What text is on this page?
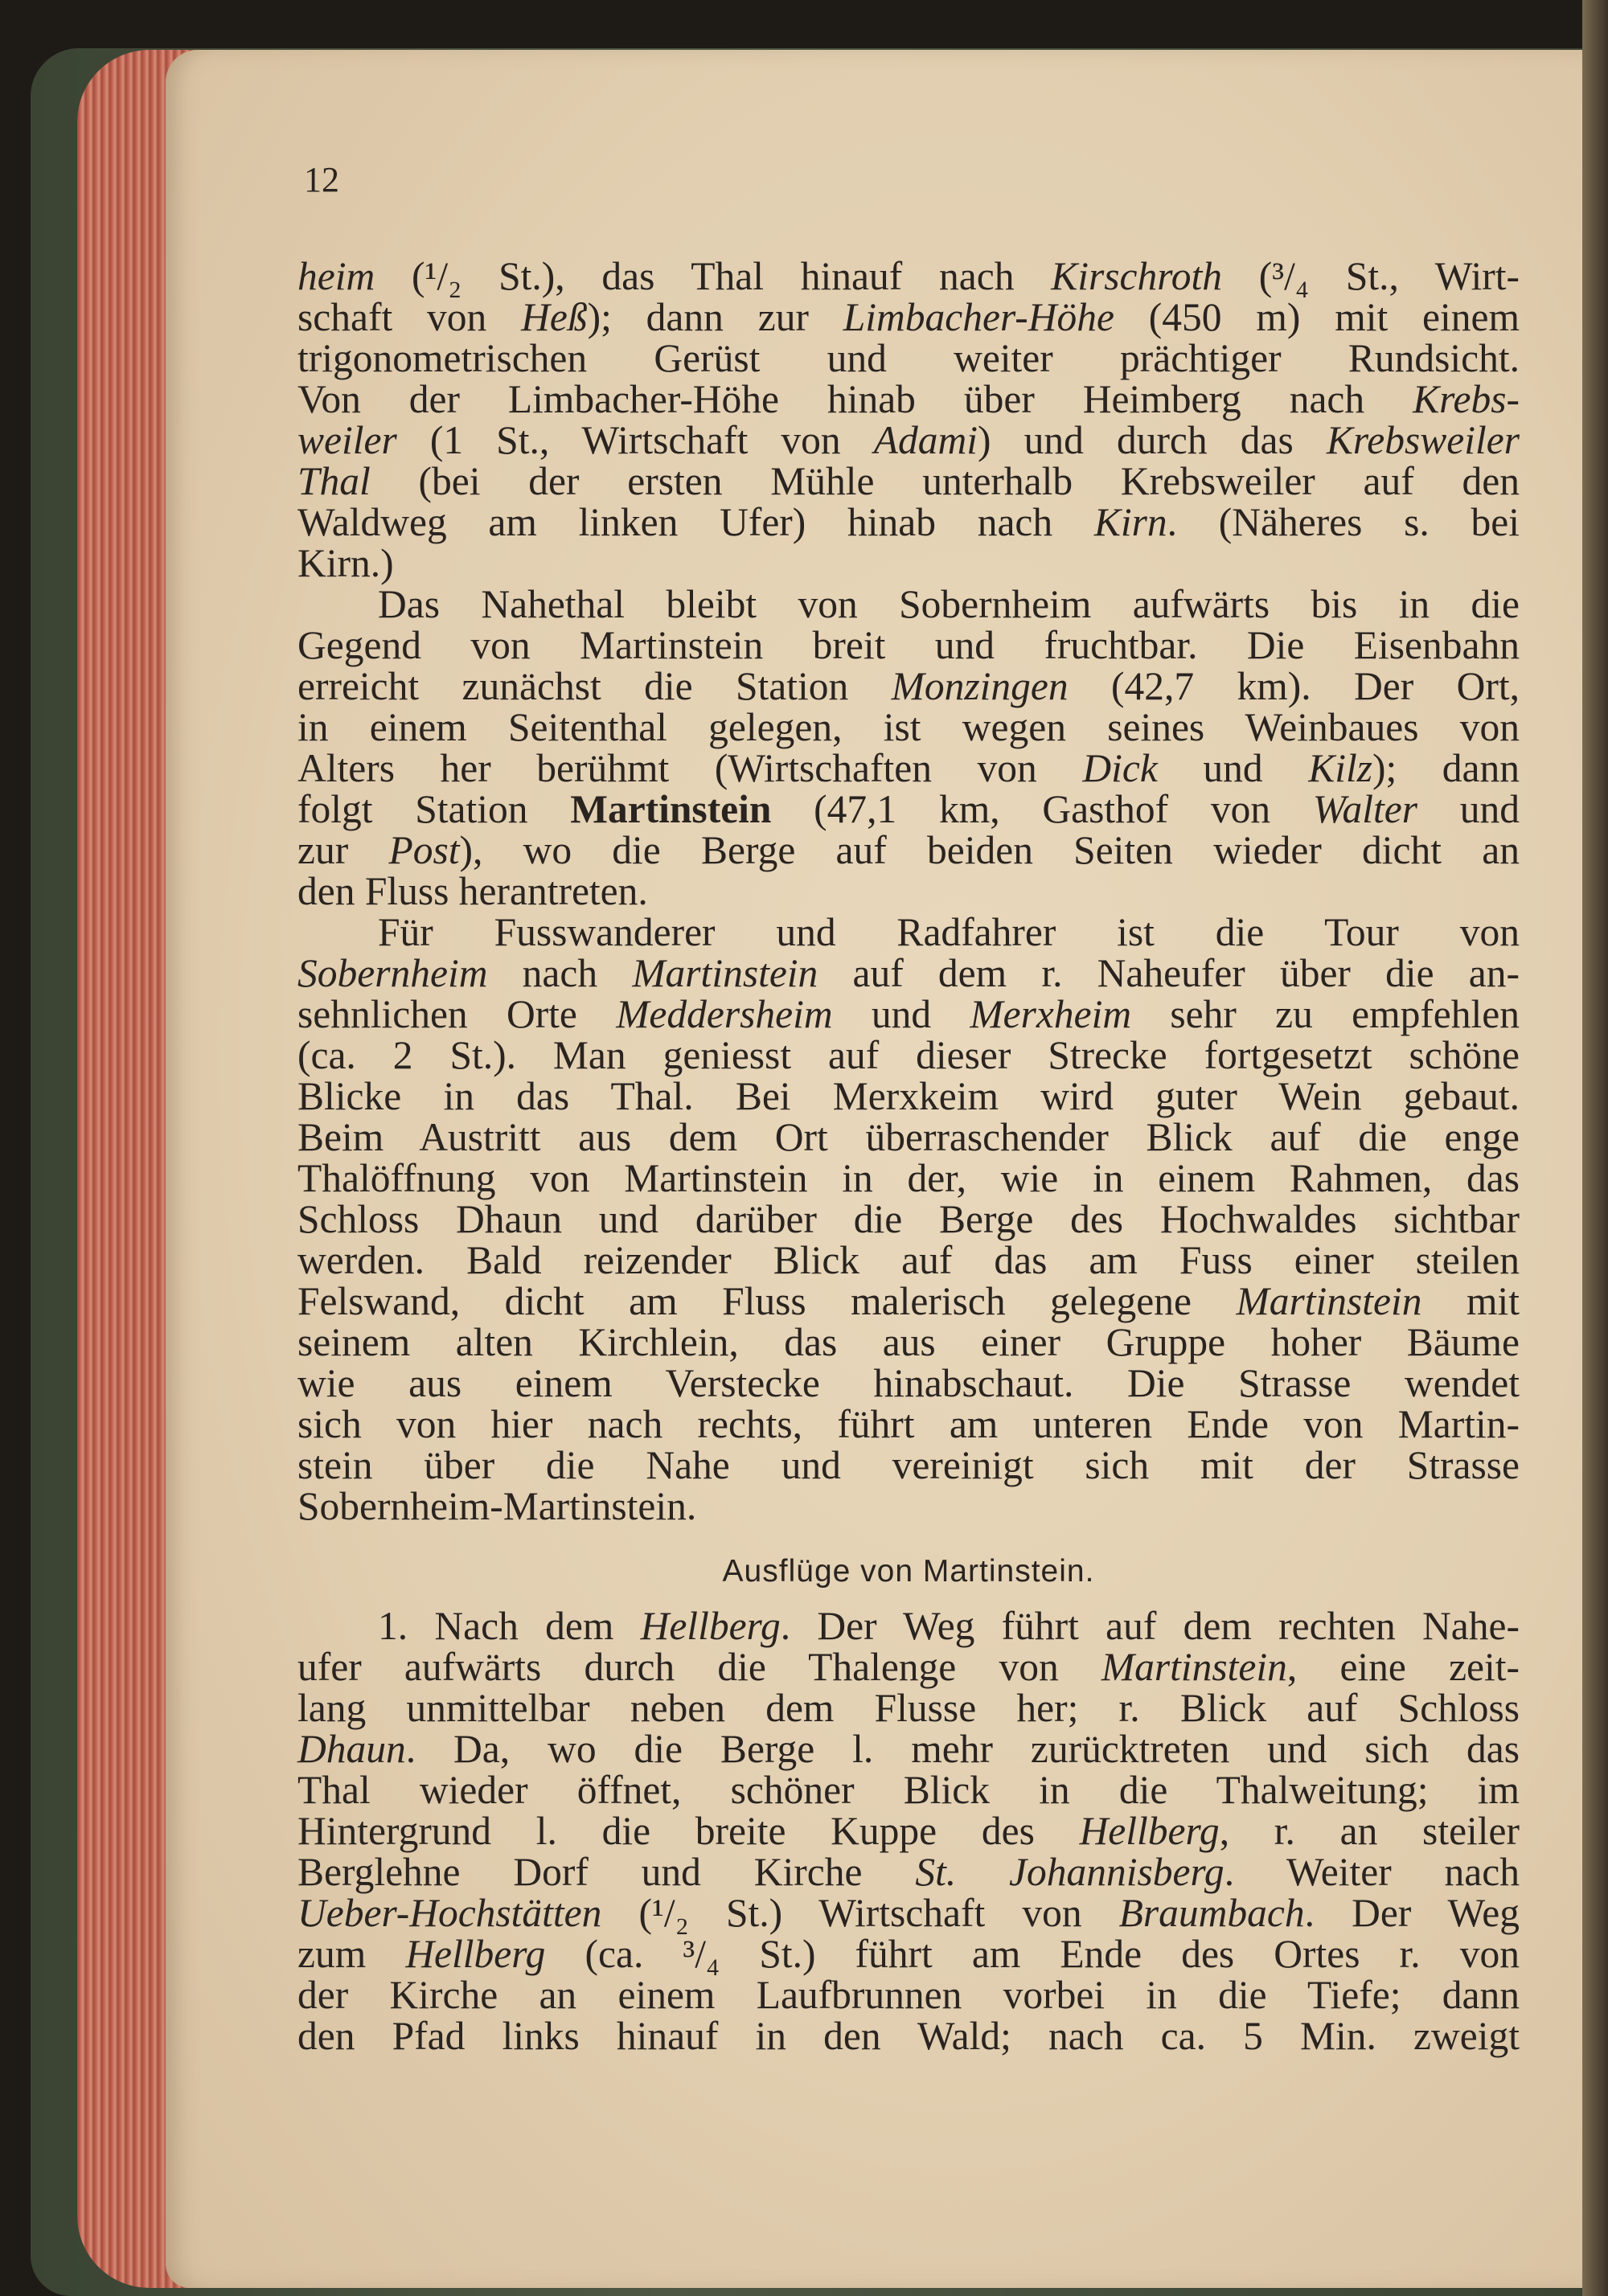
12
heim (¹/₂ St.), das Thal hinauf nach Kirschroth (³/₄ St., Wirt-
schaft von Heß); dann zur Limbacher-Höhe (450 m) mit einem
trigonometrischen Gerüst und weiter prächtiger Rundsicht.
Von der Limbacher-Höhe hinab über Heimberg nach Krebs-
weiler (1 St., Wirtschaft von Adami) und durch das Krebsweiler
Thal (bei der ersten Mühle unterhalb Krebsweiler auf den
Waldweg am linken Ufer) hinab nach Kirn. (Näheres s. bei
Kirn.)
Das Nahethal bleibt von Sobernheim aufwärts bis in die
Gegend von Martinstein breit und fruchtbar. Die Eisenbahn
erreicht zunächst die Station Monzingen (42,7 km). Der Ort,
in einem Seitenthal gelegen, ist wegen seines Weinbaues von
Alters her berühmt (Wirtschaften von Dick und Kilz); dann
folgt Station Martinstein (47,1 km, Gasthof von Walter und
zur Post), wo die Berge auf beiden Seiten wieder dicht an
den Fluss herantreten.
Für Fusswanderer und Radfahrer ist die Tour von
Sobernheim nach Martinstein auf dem r. Naheufer über die an-
sehnlichen Orte Meddersheim und Merxheim sehr zu empfehlen
(ca. 2 St.). Man geniesst auf dieser Strecke fortgesetzt schöne
Blicke in das Thal. Bei Merxkeim wird guter Wein gebaut.
Beim Austritt aus dem Ort überraschender Blick auf die enge
Thalöffnung von Martinstein in der, wie in einem Rahmen, das
Schloss Dhaun und darüber die Berge des Hochwaldes sichtbar
werden. Bald reizender Blick auf das am Fuss einer steilen
Felswand, dicht am Fluss malerisch gelegene Martinstein mit
seinem alten Kirchlein, das aus einer Gruppe hoher Bäume
wie aus einem Verstecke hinabschaut. Die Strasse wendet
sich von hier nach rechts, führt am unteren Ende von Martin-
stein über die Nahe und vereinigt sich mit der Strasse
Sobernheim-Martinstein.
Ausflüge von Martinstein.
1. Nach dem Hellberg. Der Weg führt auf dem rechten Nahe-
ufer aufwärts durch die Thalenge von Martinstein, eine zeit-
lang unmittelbar neben dem Flusse her; r. Blick auf Schloss
Dhaun. Da, wo die Berge l. mehr zurücktreten und sich das
Thal wieder öffnet, schöner Blick in die Thalweitung; im
Hintergrund l. die breite Kuppe des Hellberg, r. an steiler
Berglehne Dorf und Kirche St. Johannisberg. Weiter nach
Ueber-Hochstätten (¹/₂ St.) Wirtschaft von Braumbach. Der Weg
zum Hellberg (ca. ³/₄ St.) führt am Ende des Ortes r. von
der Kirche an einem Laufbrunnen vorbei in die Tiefe; dann
den Pfad links hinauf in den Wald; nach ca. 5 Min. zweigt
